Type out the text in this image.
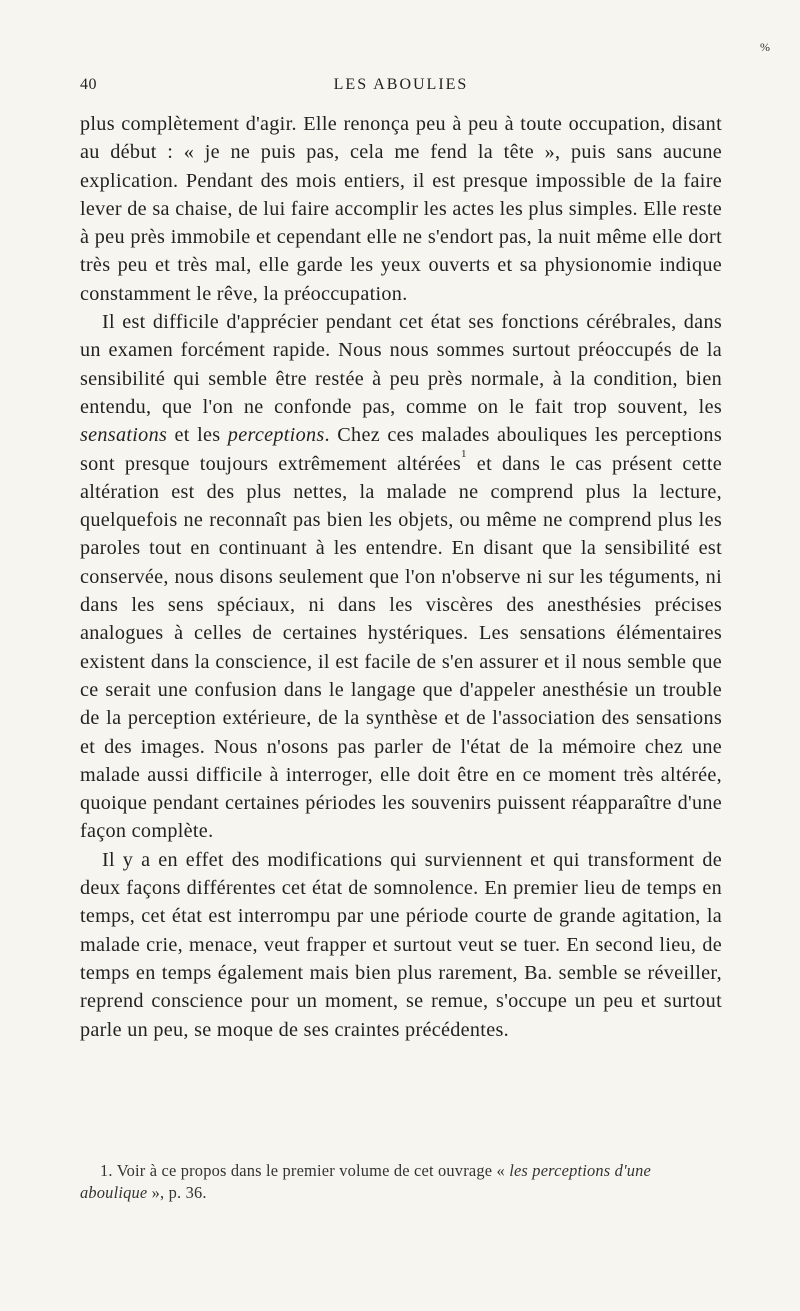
%
40	LES ABOULIES

plus complètement d'agir. Elle renonça peu à peu à toute occupation, disant au début : « je ne puis pas, cela me fend la tête », puis sans aucune explication. Pendant des mois entiers, il est presque impossible de la faire lever de sa chaise, de lui faire accomplir les actes les plus simples. Elle reste à peu près immobile et cependant elle ne s'endort pas, la nuit même elle dort très peu et très mal, elle garde les yeux ouverts et sa physionomie indique constamment le rêve, la préoccupation.

Il est difficile d'apprécier pendant cet état ses fonctions cérébrales, dans un examen forcément rapide. Nous nous sommes surtout préoccupés de la sensibilité qui semble être restée à peu près normale, à la condition, bien entendu, que l'on ne confonde pas, comme on le fait trop souvent, les sensations et les perceptions. Chez ces malades abouliques les perceptions sont presque toujours extrêmement altérées$^1$ et dans le cas présent cette altération est des plus nettes, la malade ne comprend plus la lecture, quelquefois ne reconnaît pas bien les objets, ou même ne comprend plus les paroles tout en continuant à les entendre. En disant que la sensibilité est conservée, nous disons seulement que l'on n'observe ni sur les téguments, ni dans les sens spéciaux, ni dans les viscères des anesthésies précises analogues à celles de certaines hystériques. Les sensations élémentaires existent dans la conscience, il est facile de s'en assurer et il nous semble que ce serait une confusion dans le langage que d'appeler anesthésie un trouble de la perception extérieure, de la synthèse et de l'association des sensations et des images. Nous n'osons pas parler de l'état de la mémoire chez une malade aussi difficile à interroger, elle doit être en ce moment très altérée, quoique pendant certaines périodes les souvenirs puissent réapparaître d'une façon complète.

Il y a en effet des modifications qui surviennent et qui transforment de deux façons différentes cet état de somnolence. En premier lieu de temps en temps, cet état est interrompu par une période courte de grande agitation, la malade crie, menace, veut frapper et surtout veut se tuer. En second lieu, de temps en temps également mais bien plus rarement, Ba. semble se réveiller, reprend conscience pour un moment, se remue, s'occupe un peu et surtout parle un peu, se moque de ses craintes précédentes.

1. Voir à ce propos dans le premier volume de cet ouvrage « les perceptions d'une aboulique », p. 36.
